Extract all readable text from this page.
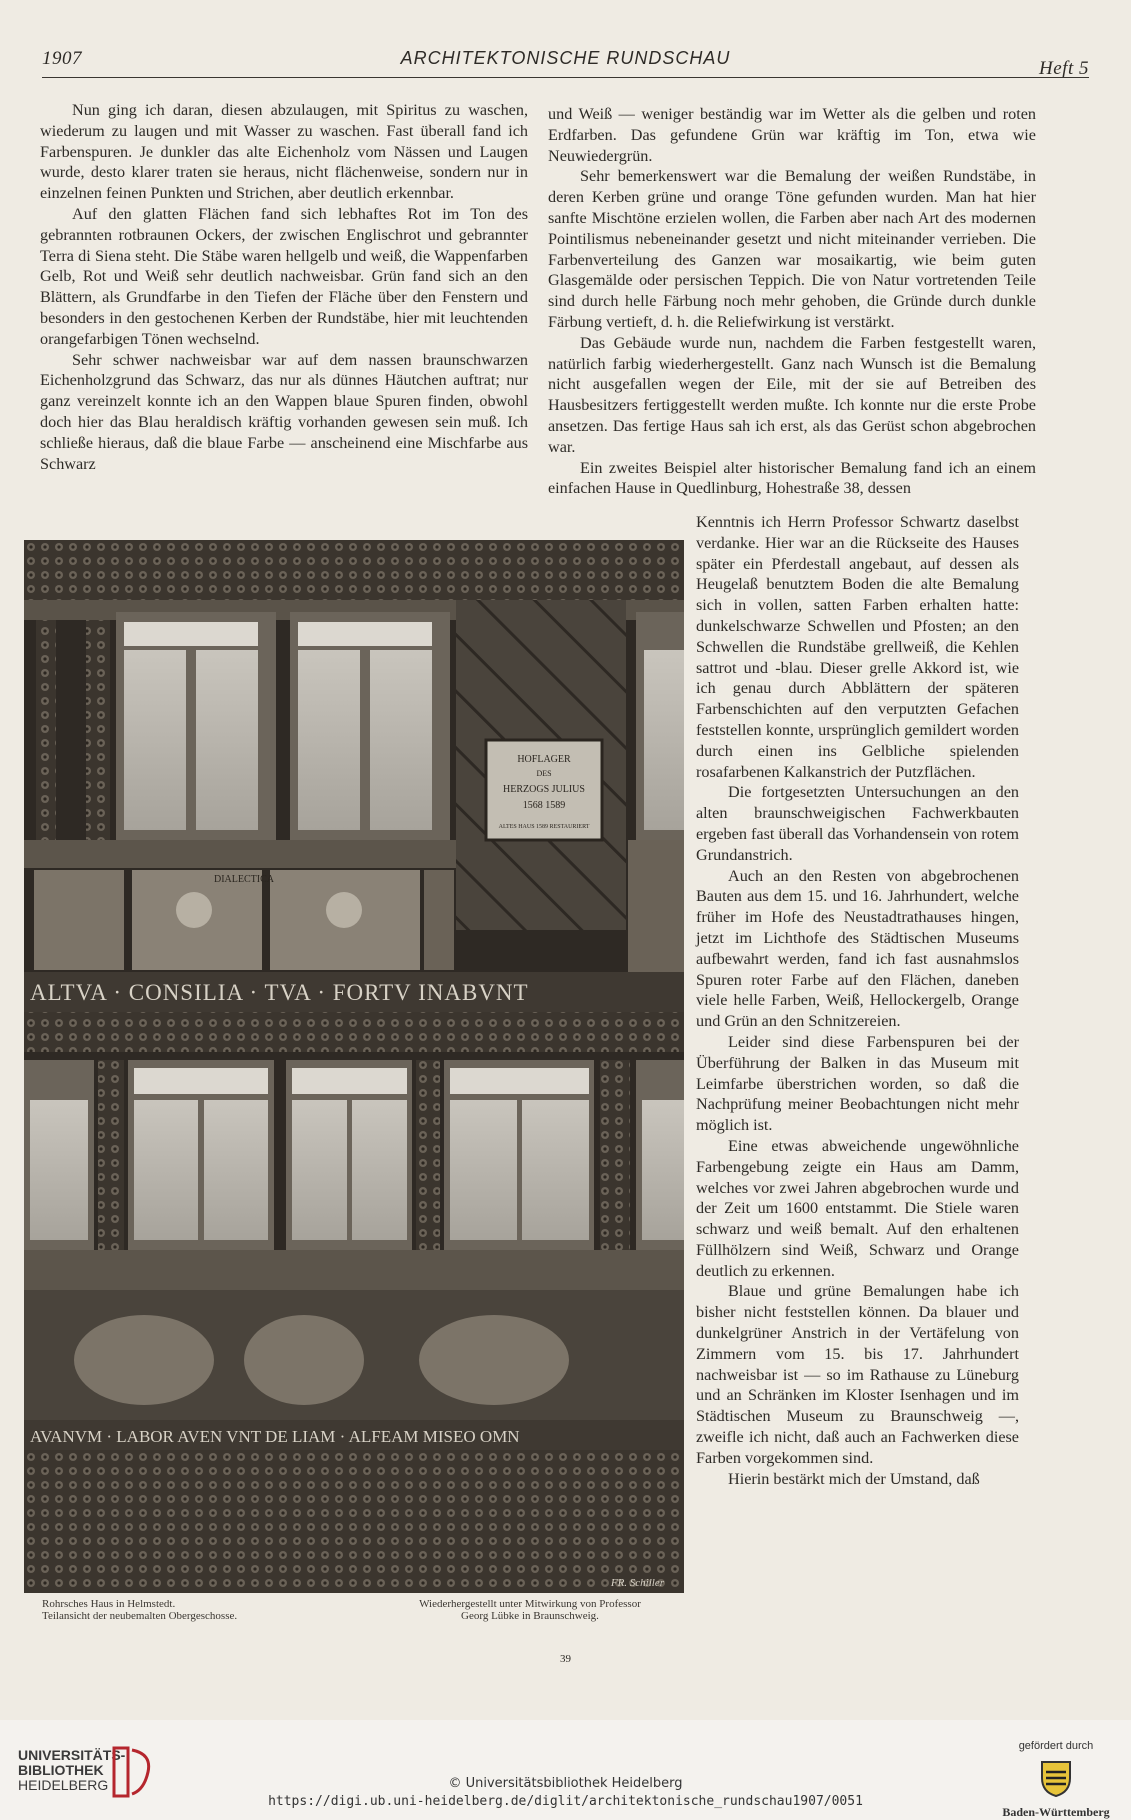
1907	ARCHITEKTONISCHE RUNDSCHAU	Heft 5

Nun ging ich daran, diesen abzulaugen, mit Spiritus zu waschen, wiederum zu laugen und mit Wasser zu waschen. Fast überall fand ich Farbenspuren. Je dunkler das alte Eichenholz vom Nässen und Laugen wurde, desto klarer traten sie heraus, nicht flächenweise, sondern nur in einzelnen feinen Punkten und Strichen, aber deutlich erkennbar.

Auf den glatten Flächen fand sich lebhaftes Rot im Ton des gebrannten rotbraunen Ockers, der zwischen Englischrot und gebrannter Terra di Siena steht. Die Stäbe waren hellgelb und weiß, die Wappenfarben Gelb, Rot und Weiß sehr deutlich nachweisbar. Grün fand sich an den Blättern, als Grundfarbe in den Tiefen der Fläche über den Fenstern und besonders in den gestochenen Kerben der Rundstäbe, hier mit leuchtenden orangefarbigen Tönen wechselnd.

Sehr schwer nachweisbar war auf dem nassen braunschwarzen Eichenholzgrund das Schwarz, das nur als dünnes Häutchen auftrat; nur ganz vereinzelt konnte ich an den Wappen blaue Spuren finden, obwohl doch hier das Blau heraldisch kräftig vorhanden gewesen sein muß. Ich schließe hieraus, daß die blaue Farbe — anscheinend eine Mischfarbe aus Schwarz

und Weiß — weniger beständig war im Wetter als die gelben und roten Erdfarben. Das gefundene Grün war kräftig im Ton, etwa wie Neuwiedergrün.

Sehr bemerkenswert war die Bemalung der weißen Rundstäbe, in deren Kerben grüne und orange Töne gefunden wurden. Man hat hier sanfte Mischtöne erzielen wollen, die Farben aber nach Art des modernen Pointilismus nebeneinander gesetzt und nicht miteinander verrieben. Die Farbenverteilung des Ganzen war mosaikartig, wie beim guten Glasgemälde oder persischen Teppich. Die von Natur vortretenden Teile sind durch helle Färbung noch mehr gehoben, die Gründe durch dunkle Färbung vertieft, d. h. die Reliefwirkung ist verstärkt.

Das Gebäude wurde nun, nachdem die Farben festgestellt waren, natürlich farbig wiederhergestellt. Ganz nach Wunsch ist die Bemalung nicht ausgefallen wegen der Eile, mit der sie auf Betreiben des Hausbesitzers fertiggestellt werden mußte. Ich konnte nur die erste Probe ansetzen. Das fertige Haus sah ich erst, als das Gerüst schon abgebrochen war.

Ein zweites Beispiel alter historischer Bemalung fand ich an einem einfachen Hause in Quedlinburg, Hohestraße 38, dessen

Kenntnis ich Herrn Professor Schwartz daselbst verdanke. Hier war an die Rückseite des Hauses später ein Pferdestall angebaut, auf dessen als Heugelaß benutztem Boden die alte Bemalung sich in vollen, satten Farben erhalten hatte: dunkelschwarze Schwellen und Pfosten; an den Schwellen die Rundstäbe grellweiß, die Kehlen sattrot und -blau. Dieser grelle Akkord ist, wie ich genau durch Abblättern der späteren Farbenschichten auf den verputzten Gefachen feststellen konnte, ursprünglich gemildert worden durch einen ins Gelbliche spielenden rosafarbenen Kalkanstrich der Putzflächen.

Die fortgesetzten Untersuchungen an den alten braunschweigischen Fachwerkbauten ergeben fast überall das Vorhandensein von rotem Grundanstrich.

Auch an den Resten von abgebrochenen Bauten aus dem 15. und 16. Jahrhundert, welche früher im Hofe des Neustadtrathauses hingen, jetzt im Lichthofe des Städtischen Museums aufbewahrt werden, fand ich fast ausnahmslos Spuren roter Farbe auf den Flächen, daneben viele helle Farben, Weiß, Hellockergelb, Orange und Grün an den Schnitzereien.

Leider sind diese Farbenspuren bei der Überführung der Balken in das Museum mit Leimfarbe überstrichen worden, so daß die Nachprüfung meiner Beobachtungen nicht mehr möglich ist.

Eine etwas abweichende ungewöhnliche Farbengebung zeigte ein Haus am Damm, welches vor zwei Jahren abgebrochen wurde und der Zeit um 1600 entstammt. Die Stiele waren schwarz und weiß bemalt. Auf den erhaltenen Füllhölzern sind Weiß, Schwarz und Orange deutlich zu erkennen.

Blaue und grüne Bemalungen habe ich bisher nicht feststellen können. Da blauer und dunkelgrüner Anstrich in der Vertäfelung von Zimmern vom 15. bis 17. Jahrhundert nachweisbar ist — so im Rathause zu Lüneburg und an Schränken im Kloster Isenhagen und im Städtischen Museum zu Braunschweig —, zweifle ich nicht, daß auch an Fachwerken diese Farben vorgekommen sind.

Hierin bestärkt mich der Umstand, daß

HOFLAGER
DES
HERZOGS JULIUS
1568 1589
ALTES HAUS 1589 RESTAURIERT
DIALECTICA
ALTVA · CONSILIA · TVA · FORTV INABVNT
AVANVM · LABOR AVEN VNT DE LIAM · ALFEAM MISEO OMN
FR. Schiller
Rohrsches Haus in Helmstedt.
Teilansicht der neubemalten Obergeschosse.
Wiederhergestellt unter Mitwirkung von Professor
Georg Lübke in Braunschweig.
39
UNIVERSITÄTS-
BIBLIOTHEK
HEIDELBERG
gefördert durch
Baden-Württemberg
© Universitätsbibliothek Heidelberg
https://digi.ub.uni-heidelberg.de/diglit/architektonische_rundschau1907/0051
